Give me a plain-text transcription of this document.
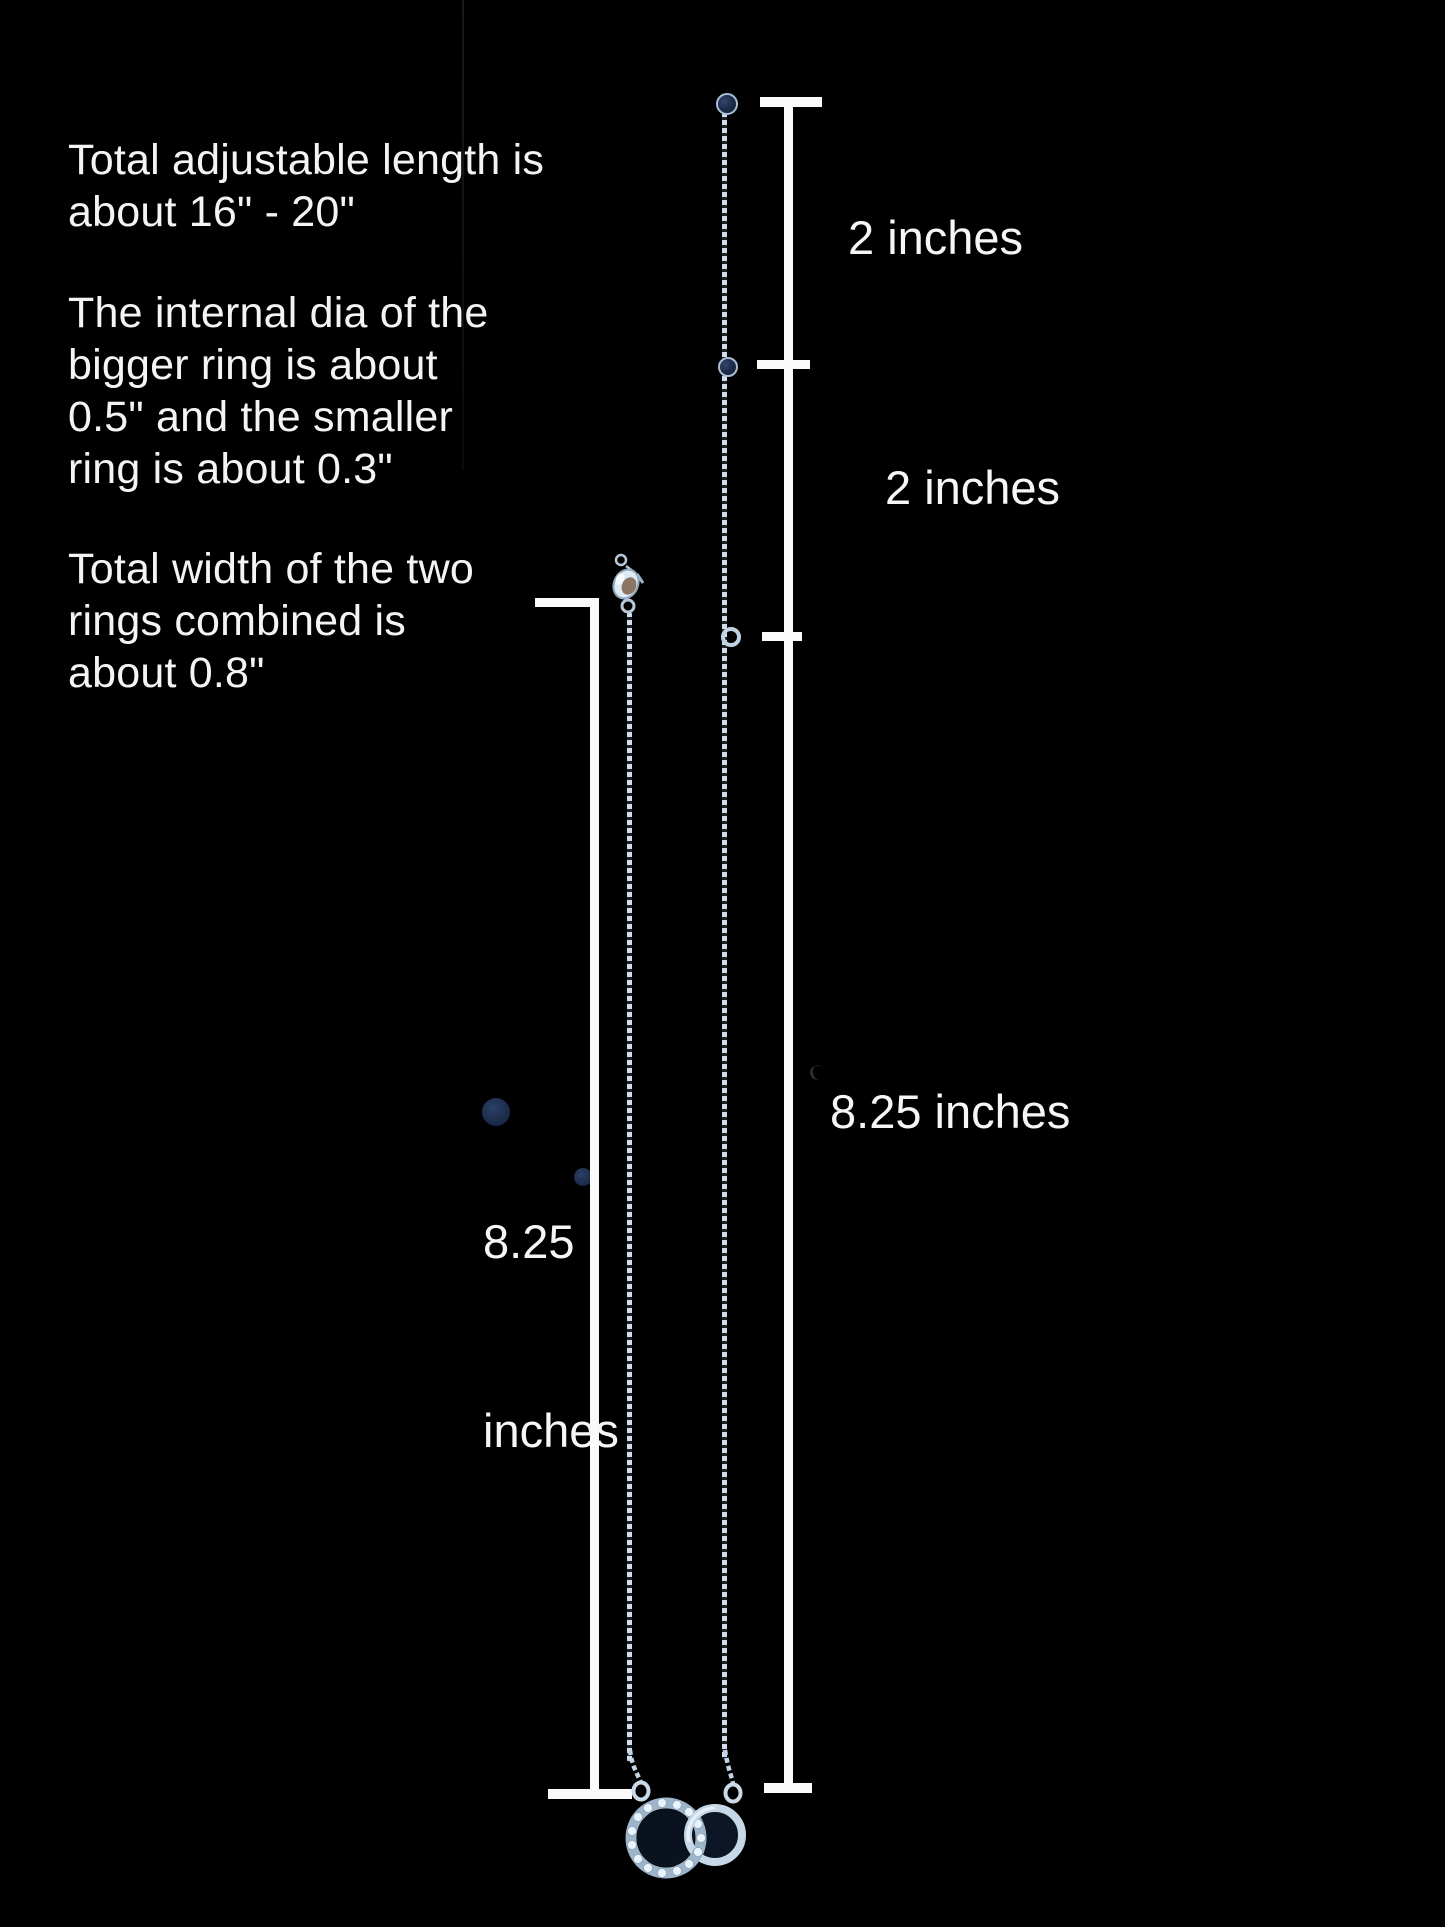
Total adjustable length is
about 16" - 20"
The internal dia of the
bigger ring is about
0.5" and the smaller
ring is about 0.3"
Total width of the two
rings combined is
about 0.8"
2 inches
2 inches

8.25

inches

8.25 inches
